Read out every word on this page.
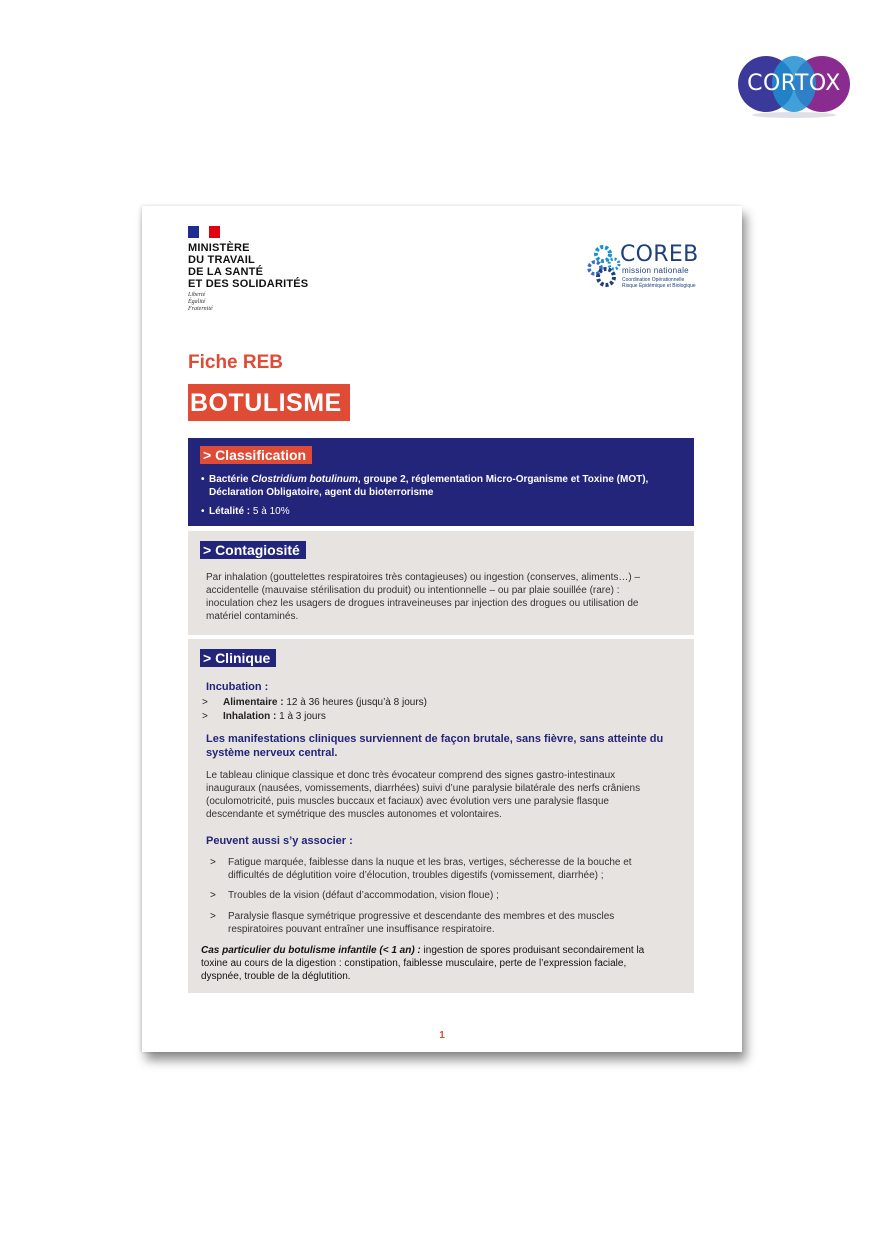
CORTOX
MINISTÈRE
DU TRAVAIL
DE LA SANTÉ
ET DES SOLIDARITÉS
Liberté
Égalité
Fraternité
COREB
mission nationale
Coordination Opérationnelle
Risque Épidémique et Biologique
Fiche REB
BOTULISME
> Classification
• Bactérie Clostridium botulinum, groupe 2, réglementation Micro-Organisme et Toxine (MOT),
Déclaration Obligatoire, agent du bioterrorisme
• Létalité : 5 à 10%
> Contagiosité
Par inhalation (gouttelettes respiratoires très contagieuses) ou ingestion (conserves, aliments…) –
accidentelle (mauvaise stérilisation du produit) ou intentionnelle – ou par plaie souillée (rare) :
inoculation chez les usagers de drogues intraveineuses par injection des drogues ou utilisation de
matériel contaminés.
> Clinique
Incubation :
> Alimentaire : 12 à 36 heures (jusqu’à 8 jours)
> Inhalation : 1 à 3 jours
Les manifestations cliniques surviennent de façon brutale, sans fièvre, sans atteinte du
système nerveux central.
Le tableau clinique classique et donc très évocateur comprend des signes gastro-intestinaux
inauguraux (nausées, vomissements, diarrhées) suivi d’une paralysie bilatérale des nerfs crâniens
(oculomotricité, puis muscles buccaux et faciaux) avec évolution vers une paralysie flasque
descendante et symétrique des muscles autonomes et volontaires.
Peuvent aussi s’y associer :
> Fatigue marquée, faiblesse dans la nuque et les bras, vertiges, sécheresse de la bouche et
difficultés de déglutition voire d’élocution, troubles digestifs (vomissement, diarrhée) ;
> Troubles de la vision (défaut d’accommodation, vision floue) ;
> Paralysie flasque symétrique progressive et descendante des membres et des muscles
respiratoires pouvant entraîner une insuffisance respiratoire.
Cas particulier du botulisme infantile (< 1 an) : ingestion de spores produisant secondairement la
toxine au cours de la digestion : constipation, faiblesse musculaire, perte de l’expression faciale,
dyspnée, trouble de la déglutition.
1
